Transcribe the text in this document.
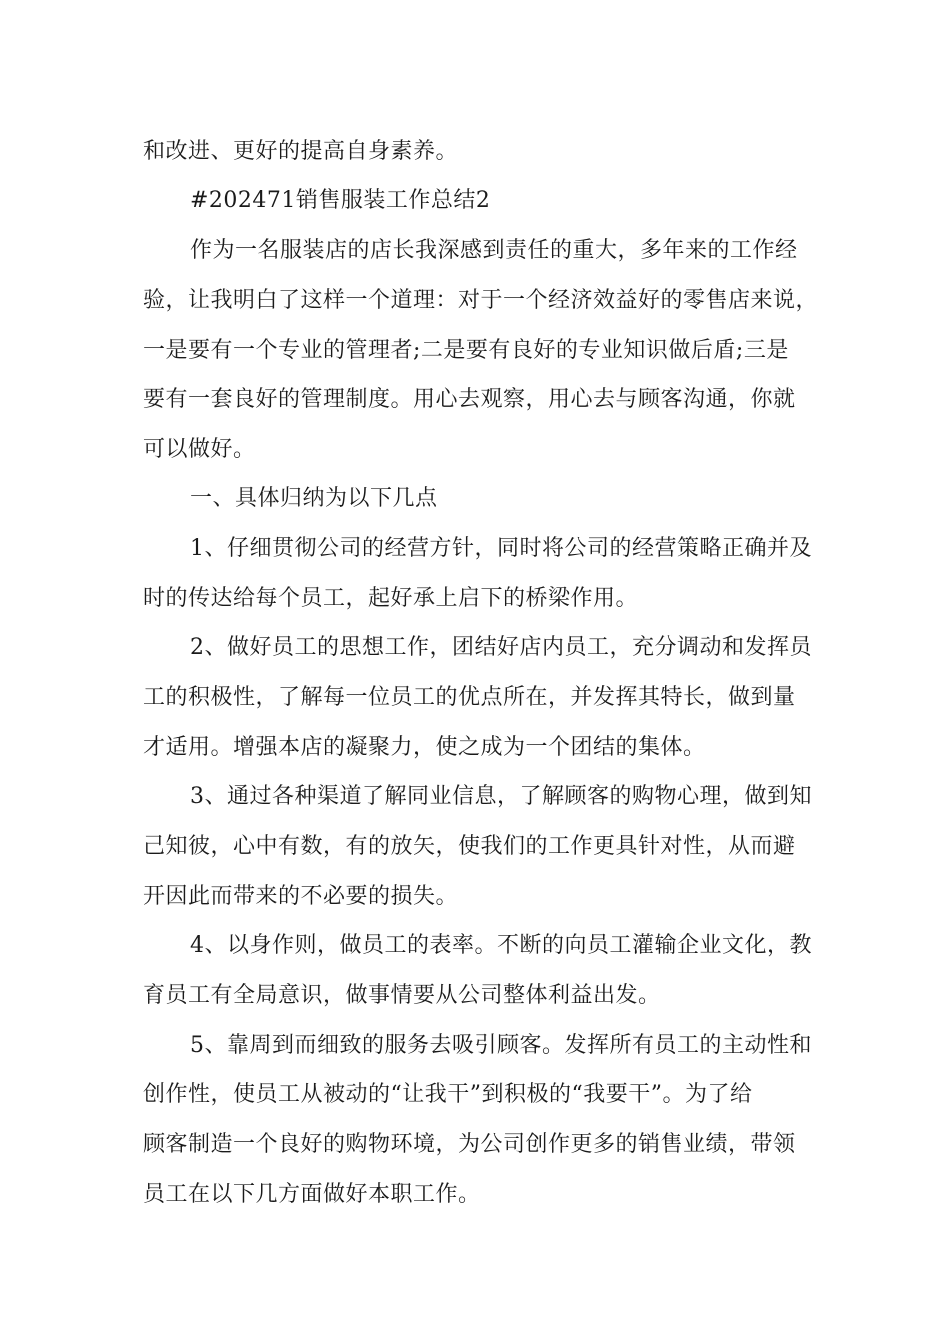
和改进、更好的提高自身素养。
#202471销售服装工作总结2
作为一名服装店的店长我深感到责任的重大，多年来的工作经
验，让我明白了这样一个道理：对于一个经济效益好的零售店来说，
一是要有一个专业的管理者;二是要有良好的专业知识做后盾;三是
要有一套良好的管理制度。用心去观察，用心去与顾客沟通，你就
可以做好。
一、具体归纳为以下几点
1、仔细贯彻公司的经营方针，同时将公司的经营策略正确并及
时的传达给每个员工，起好承上启下的桥梁作用。
2、做好员工的思想工作，团结好店内员工，充分调动和发挥员
工的积极性，了解每一位员工的优点所在，并发挥其特长，做到量
才适用。增强本店的凝聚力，使之成为一个团结的集体。
3、通过各种渠道了解同业信息，了解顾客的购物心理，做到知
己知彼，心中有数，有的放矢，使我们的工作更具针对性，从而避
开因此而带来的不必要的损失。
4、以身作则，做员工的表率。不断的向员工灌输企业文化，教
育员工有全局意识，做事情要从公司整体利益出发。
5、靠周到而细致的服务去吸引顾客。发挥所有员工的主动性和
创作性，使员工从被动的“让我干”到积极的“我要干”。为了给
顾客制造一个良好的购物环境，为公司创作更多的销售业绩，带领
员工在以下几方面做好本职工作。
